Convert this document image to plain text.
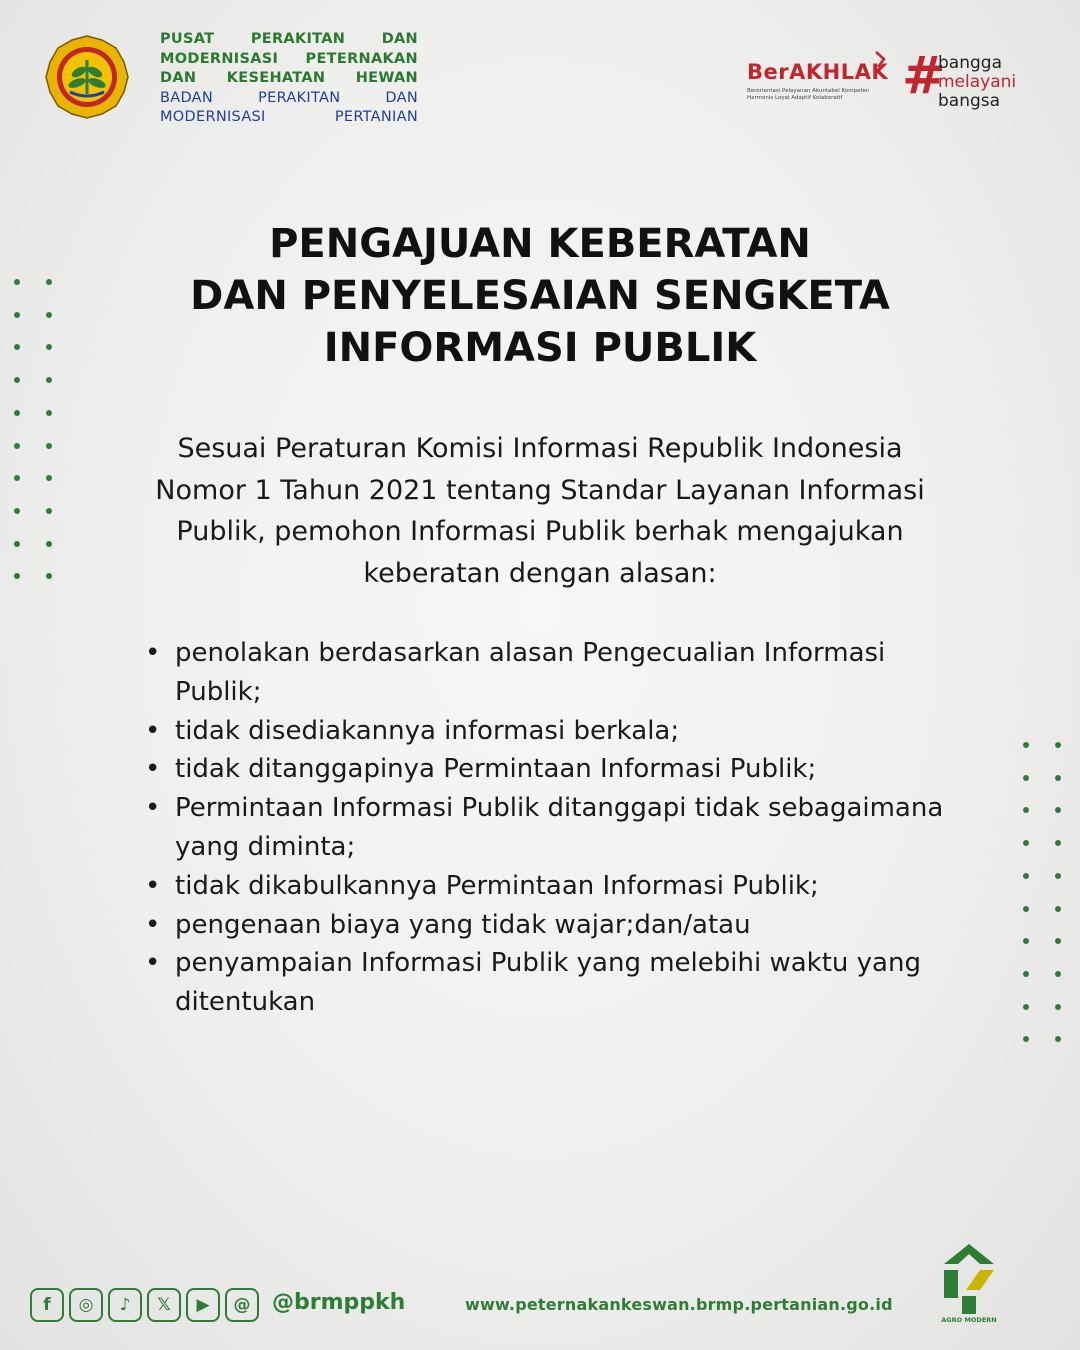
PUSAT PERAKITAN DAN
MODERNISASI PETERNAKAN
DAN KESEHATAN HEWAN
BADAN PERAKITAN DAN
MODERNISASI PERTANIAN
BerAKHLAK
Berorientasi Pelayanan Akuntabel Kompeten
Harmonis Loyal Adaptif Kolaboratif	#
bangga
melayani
bangsa
PENGAJUAN KEBERATAN
DAN PENYELESAIAN SENGKETA
INFORMASI PUBLIK
Sesuai Peraturan Komisi Informasi Republik Indonesia
Nomor 1 Tahun 2021 tentang Standar Layanan Informasi
Publik, pemohon Informasi Publik berhak mengajukan
keberatan dengan alasan:
• penolakan berdasarkan alasan Pengecualian Informasi Publik;
• tidak disediakannya informasi berkala;
• tidak ditanggapinya Permintaan Informasi Publik;
• Permintaan Informasi Publik ditanggapi tidak sebagaimana yang diminta;
• tidak dikabulkannya Permintaan Informasi Publik;
• pengenaan biaya yang tidak wajar;dan/atau
• penyampaian Informasi Publik yang melebihi waktu yang ditentukan
f	◎	♪	𝕏	▶	@ @brmppkh	www.peternakankeswan.brmp.pertanian.go.id
AGRO MODERN
